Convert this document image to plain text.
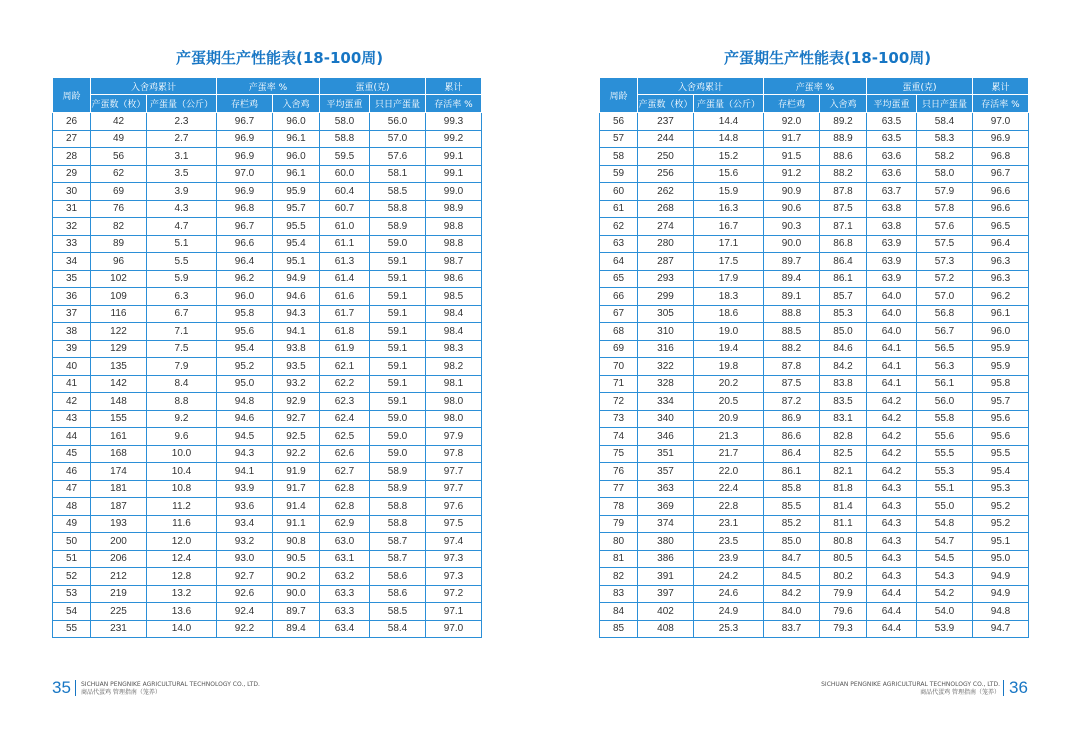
产蛋期生产性能表(18-100周)
周龄	入舍鸡累计		产蛋率 %		蛋重(克)		累计
	产蛋数（枚）	产蛋量（公斤）	存栏鸡	入舍鸡	平均蛋重	只日产蛋量	存活率 %
26	42	2.3	96.7	96.0	58.0	56.0	99.3
27	49	2.7	96.9	96.1	58.8	57.0	99.2
28	56	3.1	96.9	96.0	59.5	57.6	99.1
29	62	3.5	97.0	96.1	60.0	58.1	99.1
30	69	3.9	96.9	95.9	60.4	58.5	99.0
31	76	4.3	96.8	95.7	60.7	58.8	98.9
32	82	4.7	96.7	95.5	61.0	58.9	98.8
33	89	5.1	96.6	95.4	61.1	59.0	98.8
34	96	5.5	96.4	95.1	61.3	59.1	98.7
35	102	5.9	96.2	94.9	61.4	59.1	98.6
36	109	6.3	96.0	94.6	61.6	59.1	98.5
37	116	6.7	95.8	94.3	61.7	59.1	98.4
38	122	7.1	95.6	94.1	61.8	59.1	98.4
39	129	7.5	95.4	93.8	61.9	59.1	98.3
40	135	7.9	95.2	93.5	62.1	59.1	98.2
41	142	8.4	95.0	93.2	62.2	59.1	98.1
42	148	8.8	94.8	92.9	62.3	59.1	98.0
43	155	9.2	94.6	92.7	62.4	59.0	98.0
44	161	9.6	94.5	92.5	62.5	59.0	97.9
45	168	10.0	94.3	92.2	62.6	59.0	97.8
46	174	10.4	94.1	91.9	62.7	58.9	97.7
47	181	10.8	93.9	91.7	62.8	58.9	97.7
48	187	11.2	93.6	91.4	62.8	58.8	97.6
49	193	11.6	93.4	91.1	62.9	58.8	97.5
50	200	12.0	93.2	90.8	63.0	58.7	97.4
51	206	12.4	93.0	90.5	63.1	58.7	97.3
52	212	12.8	92.7	90.2	63.2	58.6	97.3
53	219	13.2	92.6	90.0	63.3	58.6	97.2
54	225	13.6	92.4	89.7	63.3	58.5	97.1
55	231	14.0	92.2	89.4	63.4	58.4	97.0
35 SICHUAN PENGNIKE AGRICULTURAL TECHNOLOGY CO., LTD.
商品代蛋鸡 管理指南（笼养）
产蛋期生产性能表(18-100周)
周龄	入舍鸡累计		产蛋率 %		蛋重(克)		累计
	产蛋数（枚）	产蛋量（公斤）	存栏鸡	入舍鸡	平均蛋重	只日产蛋量	存活率 %
56	237	14.4	92.0	89.2	63.5	58.4	97.0
57	244	14.8	91.7	88.9	63.5	58.3	96.9
58	250	15.2	91.5	88.6	63.6	58.2	96.8
59	256	15.6	91.2	88.2	63.6	58.0	96.7
60	262	15.9	90.9	87.8	63.7	57.9	96.6
61	268	16.3	90.6	87.5	63.8	57.8	96.6
62	274	16.7	90.3	87.1	63.8	57.6	96.5
63	280	17.1	90.0	86.8	63.9	57.5	96.4
64	287	17.5	89.7	86.4	63.9	57.3	96.3
65	293	17.9	89.4	86.1	63.9	57.2	96.3
66	299	18.3	89.1	85.7	64.0	57.0	96.2
67	305	18.6	88.8	85.3	64.0	56.8	96.1
68	310	19.0	88.5	85.0	64.0	56.7	96.0
69	316	19.4	88.2	84.6	64.1	56.5	95.9
70	322	19.8	87.8	84.2	64.1	56.3	95.9
71	328	20.2	87.5	83.8	64.1	56.1	95.8
72	334	20.5	87.2	83.5	64.2	56.0	95.7
73	340	20.9	86.9	83.1	64.2	55.8	95.6
74	346	21.3	86.6	82.8	64.2	55.6	95.6
75	351	21.7	86.4	82.5	64.2	55.5	95.5
76	357	22.0	86.1	82.1	64.2	55.3	95.4
77	363	22.4	85.8	81.8	64.3	55.1	95.3
78	369	22.8	85.5	81.4	64.3	55.0	95.2
79	374	23.1	85.2	81.1	64.3	54.8	95.2
80	380	23.5	85.0	80.8	64.3	54.7	95.1
81	386	23.9	84.7	80.5	64.3	54.5	95.0
82	391	24.2	84.5	80.2	64.3	54.3	94.9
83	397	24.6	84.2	79.9	64.4	54.2	94.9
84	402	24.9	84.0	79.6	64.4	54.0	94.8
85	408	25.3	83.7	79.3	64.4	53.9	94.7
36
SICHUAN PENGNIKE AGRICULTURAL TECHNOLOGY CO., LTD.
商品代蛋鸡 管理指南（笼养）
